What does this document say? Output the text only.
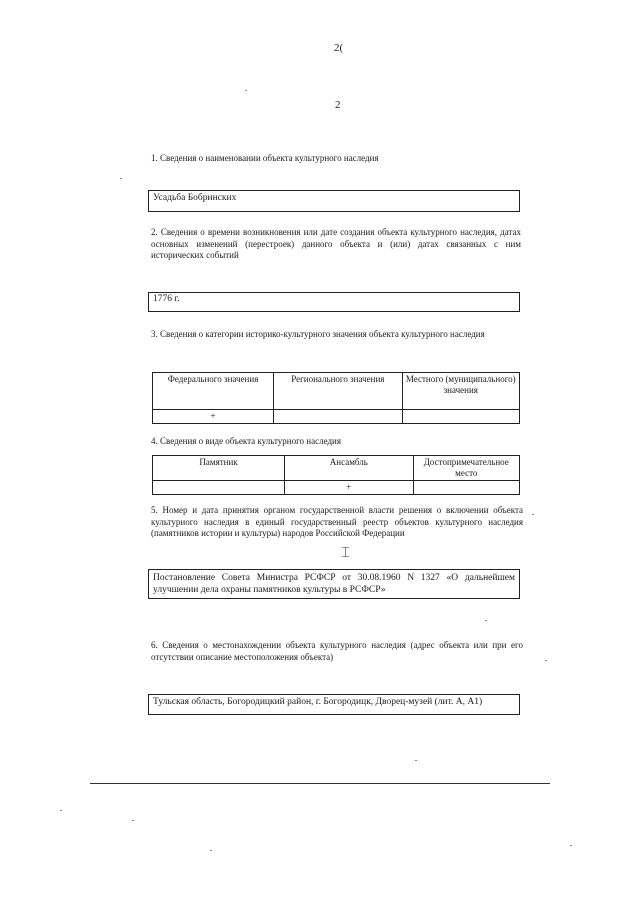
2(
2
1. Сведения о наименовании объекта культурного наследия
Усадьба Бобринских
2. Сведения о времени возникновения или дате создания объекта культурного наследия, датах основных изменений (перестроек) данного объекта и (или) датах связанных с ним исторических событий
1776 г.
3. Сведения о категории историко-культурного значения объекта культурного наследия
Федерального значения	Регионального значения	Местного (муниципального) значения
+		
4. Сведения о виде объекта культурного наследия
Памятник	Ансамбль	Достопримечательное место
	+	
5. Номер и дата принятия органом государственной власти решения о включении объекта культурного наследия в единый государственный реестр объектов культурного наследия (памятников истории и культуры) народов Российской Федерации
⌶
Постановление Совета Министра РСФСР от 30.08.1960 N 1327 «О дальнейшем улучшении дела охраны памятников культуры в РСФСР»
6. Сведения о местонахождении объекта культурного наследия (адрес объекта или при его отсутствии описание местоположения объекта)
Тульская область, Богородицкий район, г. Богородицк, Дворец-музей (лит. А, А1)
